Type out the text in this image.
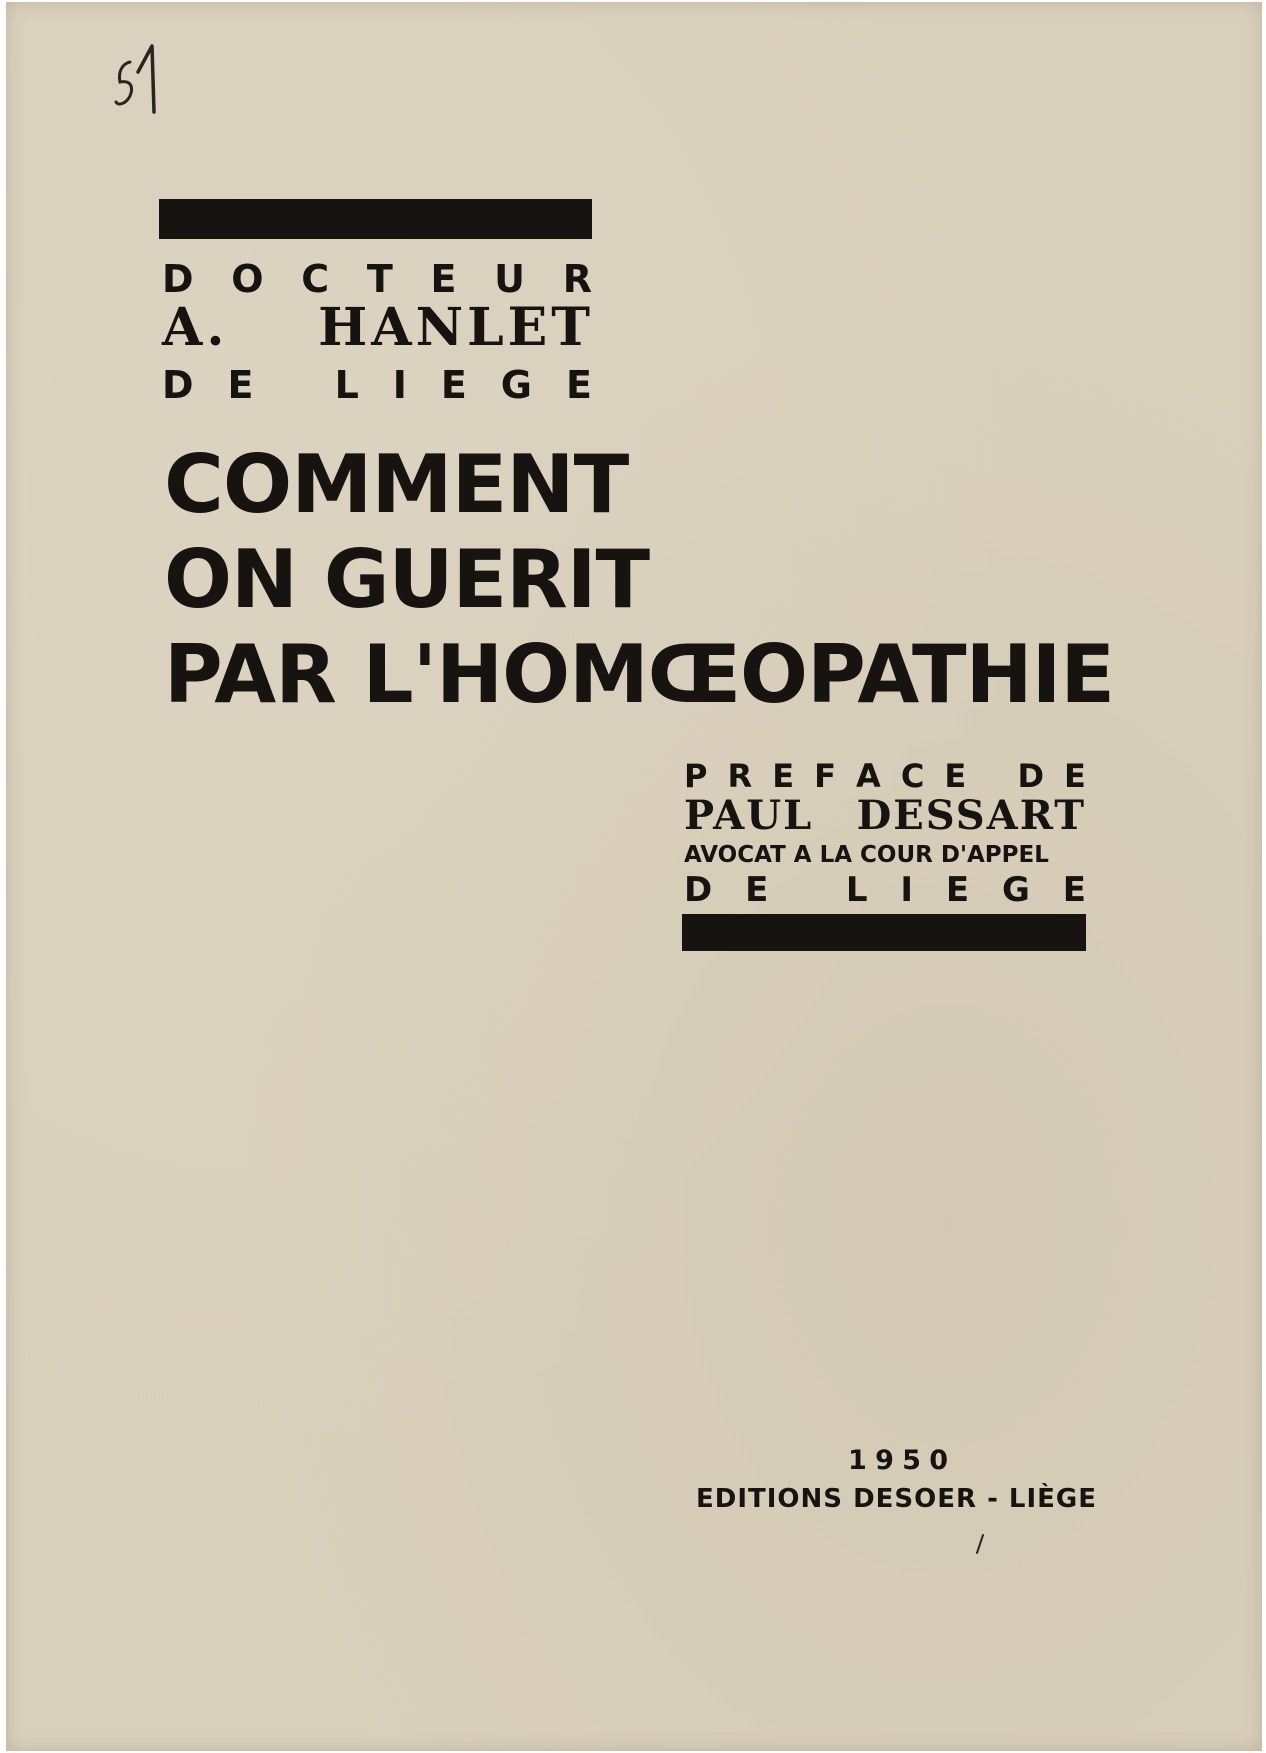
D O C T E U R
A. HANLET
D E
L I E G E
COMMENT
ON GUERIT
PAR L'HOMŒOPATHIE
P R E F A C E
D E
PAUL DESSART
AVOCAT A LA COUR D'APPEL
D E
L I E G E
1 9 5 0
EDITIONS DESOER - LIÈGE
